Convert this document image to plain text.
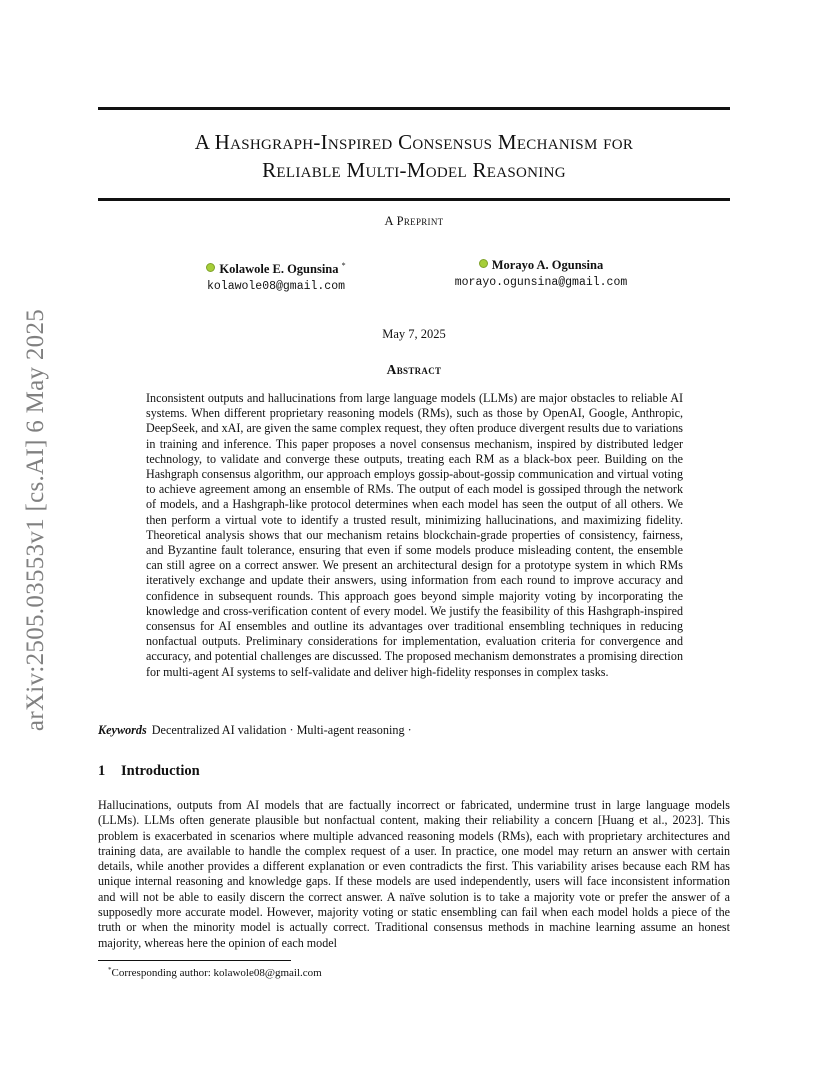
arXiv:2505.03553v1 [cs.AI] 6 May 2025
A Hashgraph-Inspired Consensus Mechanism for
Reliable Multi-Model Reasoning
A Preprint
Kolawole E. Ogunsina *
kolawole08@gmail.com
Morayo A. Ogunsina
morayo.ogunsina@gmail.com
May 7, 2025
Abstract
Inconsistent outputs and hallucinations from large language models (LLMs) are major obstacles to reliable AI systems. When different proprietary reasoning models (RMs), such as those by OpenAI, Google, Anthropic, DeepSeek, and xAI, are given the same complex request, they often produce divergent results due to variations in training and inference. This paper proposes a novel consensus mechanism, inspired by distributed ledger technology, to validate and converge these outputs, treating each RM as a black-box peer. Building on the Hashgraph consensus algorithm, our approach employs gossip-about-gossip communication and virtual voting to achieve agreement among an ensemble of RMs. The output of each model is gossiped through the network of models, and a Hashgraph-like protocol determines when each model has seen the output of all others. We then perform a virtual vote to identify a trusted result, minimizing hallucinations, and maximizing fidelity. Theoretical analysis shows that our mechanism retains blockchain-grade properties of consistency, fairness, and Byzantine fault tolerance, ensuring that even if some models produce misleading content, the ensemble can still agree on a correct answer. We present an architectural design for a prototype system in which RMs iteratively exchange and update their answers, using information from each round to improve accuracy and confidence in subsequent rounds. This approach goes beyond simple majority voting by incorporating the knowledge and cross-verification content of every model. We justify the feasibility of this Hashgraph-inspired consensus for AI ensembles and outline its advantages over traditional ensembling techniques in reducing nonfactual outputs. Preliminary considerations for implementation, evaluation criteria for convergence and accuracy, and potential challenges are discussed. The proposed mechanism demonstrates a promising direction for multi-agent AI systems to self-validate and deliver high-fidelity responses in complex tasks.
Keywords Decentralized AI validation · Multi-agent reasoning ·
1 Introduction
Hallucinations, outputs from AI models that are factually incorrect or fabricated, undermine trust in large language models (LLMs). LLMs often generate plausible but nonfactual content, making their reliability a concern [Huang et al., 2023]. This problem is exacerbated in scenarios where multiple advanced reasoning models (RMs), each with proprietary architectures and training data, are available to handle the complex request of a user. In practice, one model may return an answer with certain details, while another provides a different explanation or even contradicts the first. This variability arises because each RM has unique internal reasoning and knowledge gaps. If these models are used independently, users will face inconsistent information and will not be able to easily discern the correct answer. A naïve solution is to take a majority vote or prefer the answer of a supposedly more accurate model. However, majority voting or static ensembling can fail when each model holds a piece of the truth or when the minority model is actually correct. Traditional consensus methods in machine learning assume an honest majority, whereas here the opinion of each model
*Corresponding author: kolawole08@gmail.com
